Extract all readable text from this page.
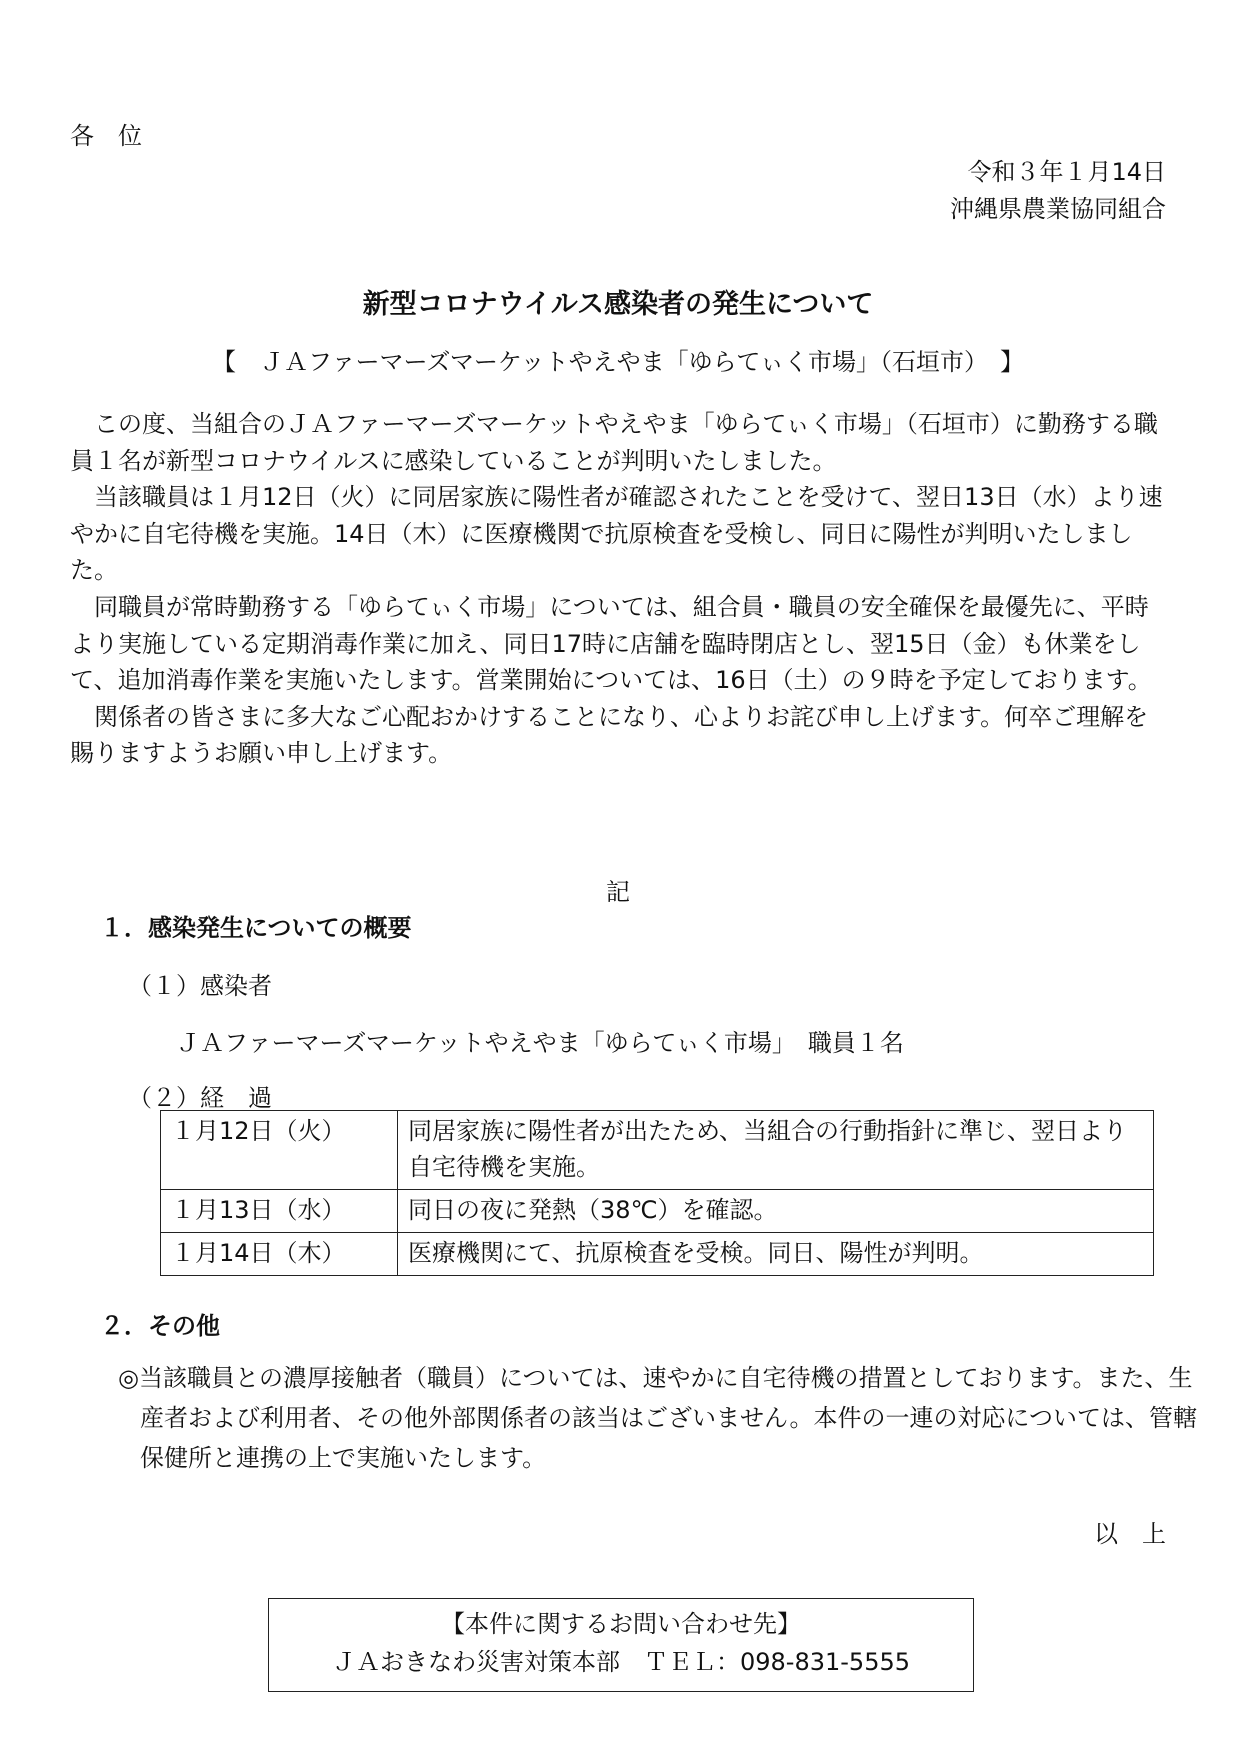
各　位
令和３年１月14日
沖縄県農業協同組合
新型コロナウイルス感染者の発生について
【　ＪＡファーマーズマーケットやえやま「ゆらてぃく市場」（石垣市）　】

この度、当組合のＪＡファーマーズマーケットやえやま「ゆらてぃく市場」（石垣市）に勤務する職員１名が新型コロナウイルスに感染していることが判明いたしました。

当該職員は１月12日（火）に同居家族に陽性者が確認されたことを受けて、翌日13日（水）より速やかに自宅待機を実施。14日（木）に医療機関で抗原検査を受検し、同日に陽性が判明いたしました。

同職員が常時勤務する「ゆらてぃく市場」については、組合員・職員の安全確保を最優先に、平時より実施している定期消毒作業に加え、同日17時に店舗を臨時閉店とし、翌15日（金）も休業をして、追加消毒作業を実施いたします。営業開始については、16日（土）の９時を予定しております。

関係者の皆さまに多大なご心配おかけすることになり、心よりお詫び申し上げます。何卒ご理解を賜りますようお願い申し上げます。

記
１．感染発生についての概要
（１）感染者
ＪＡファーマーズマーケットやえやま「ゆらてぃく市場」　職員１名
（２）経　過
１月12日（火）	同居家族に陽性者が出たため、当組合の行動指針に準じ、翌日より自宅待機を実施。
１月13日（水）	同日の夜に発熱（38℃）を確認。
１月14日（木）	医療機関にて、抗原検査を受検。同日、陽性が判明。
２．その他
◎当該職員との濃厚接触者（職員）については、速やかに自宅待機の措置としております。また、生産者および利用者、その他外部関係者の該当はございません。本件の一連の対応については、管轄保健所と連携の上で実施いたします。
以　上
【本件に関するお問い合わせ先】
ＪＡおきなわ災害対策本部　ＴＥＬ：098-831-5555
